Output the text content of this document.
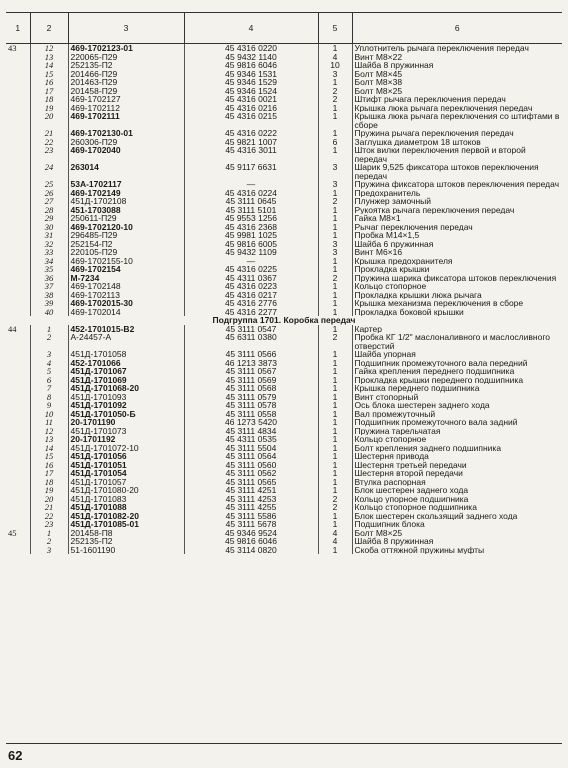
1	2	3	4	5	6
43	12	469-1702123-01	45 4316 0220	1	Уплотнитель рычага переключения передач
	13	220065-П29	45 9432 1140	4	Винт М8×22
	14	252135-П2	45 9816 6046	10	Шайба 8 пружинная
	15	201466-П29	45 9346 1531	3	Болт М8×45
	16	201463-П29	45 9346 1529	1	Болт М8×38
	17	201458-П29	45 9346 1524	2	Болт М8×25
	18	469-1702127	45 4316 0021	2	Штифт рычага переключения передач
	19	469-1702112	45 4316 0216	1	Крышка люка рычага переключения передач
	20	469-1702111	45 4316 0215	1	Крышка люка рычага переключения со штифтами в сборе
	21	469-1702130-01	45 4316 0222	1	Пружина рычага переключения передач
	22	260306-П29	45 9821 1007	6	Заглушка диаметром 18 штоков
	23	469-1702040	45 4316 3011	1	Шток вилки переключения первой и второй передач
	24	263014	45 9117 6631	3	Шарик 9,525 фиксатора штоков переключения передач
	25	53А-1702117	—	3	Пружина фиксатора штоков переключения передач
	26	469-1702149	45 4316 0224	1	Предохранитель
	27	451Д-1702108	45 3111 0645	2	Плунжер замочный
	28	451-1703088	45 3111 5101	1	Рукоятка рычага переключения передач
	29	250611-П29	45 9553 1256	1	Гайка М8×1
	30	469-1702120-10	45 4316 2368	1	Рычаг переключения передач
	31	296485-П29	45 9981 1025	1	Пробка М14×1,5
	32	252154-П2	45 9816 6005	3	Шайба 6 пружинная
	33	220105-П29	45 9432 1109	3	Винт М6×16
	34	469-1702155-10	—	1	Крышка предохранителя
	35	469-1702154	45 4316 0225	1	Прокладка крышки
	36	М-7234	45 4311 0367	2	Пружина шарика фиксатора штоков переключения
	37	469-1702148	45 4316 0223	1	Кольцо стопорное
	38	469-1702113	45 4316 0217	1	Прокладка крышки люка рычага
	39	469-1702015-30	45 4316 2776	1	Крышка механизма переключения в сборе
	40	469-1702014	45 4316 2277	1	Прокладка боковой крышки
Подгруппа 1701. Коробка передач					
44	1	452-1701015-В2	45 3111 0547	1	Картер
	2	А-24457-А	45 6311 0380	2	Пробка КГ 1/2" маслоналивного и маслосливного отверстий
	3	451Д-1701058	45 3111 0566	1	Шайба упорная
	4	452-1701066	46 1213 3873	1	Подшипник промежуточного вала передний
	5	451Д-1701067	45 3111 0567	1	Гайка крепления переднего подшипника
	6	451Д-1701069	45 3111 0569	1	Прокладка крышки переднего подшипника
	7	451Д-1701068-20	45 3111 0568	1	Крышка переднего подшипника
	8	451Д-1701093	45 3111 0579	1	Винт стопорный
	9	451Д-1701092	45 3111 0578	1	Ось блока шестерен заднего хода
	10	451Д-1701050-Б	45 3111 0558	1	Вал промежуточный
	11	20-1701190	46 1273 5420	1	Подшипник промежуточного вала задний
	12	451Д-1701073	45 3111 4834	1	Пружина тарельчатая
	13	20-1701192	45 4311 0535	1	Кольцо стопорное
	14	451Д-1701072-10	45 3111 5504	1	Болт крепления заднего подшипника
	15	451Д-1701056	45 3111 0564	1	Шестерня привода
	16	451Д-1701051	45 3111 0560	1	Шестерня третьей передачи
	17	451Д-1701054	45 3111 0562	1	Шестерня второй передачи
	18	451Д-1701057	45 3111 0565	1	Втулка распорная
	19	451Д-1701080-20	45 3111 4251	1	Блок шестерен заднего хода
	20	451Д-1701083	45 3111 4253	2	Кольцо упорное подшипника
	21	451Д-1701088	45 3111 4255	2	Кольцо стопорное подшипника
	22	451Д-1701082-20	45 3111 5586	1	Блок шестерен скользящий заднего хода
	23	451Д-1701085-01	45 3111 5678	1	Подшипник блока
45	1	201458-П8	45 9346 9524	4	Болт М8×25
	2	252135-П2	45 9816 6046	4	Шайба 8 пружинная
	3	51-1601190	45 3114 0820	1	Скоба оттяжной пружины муфты
62
